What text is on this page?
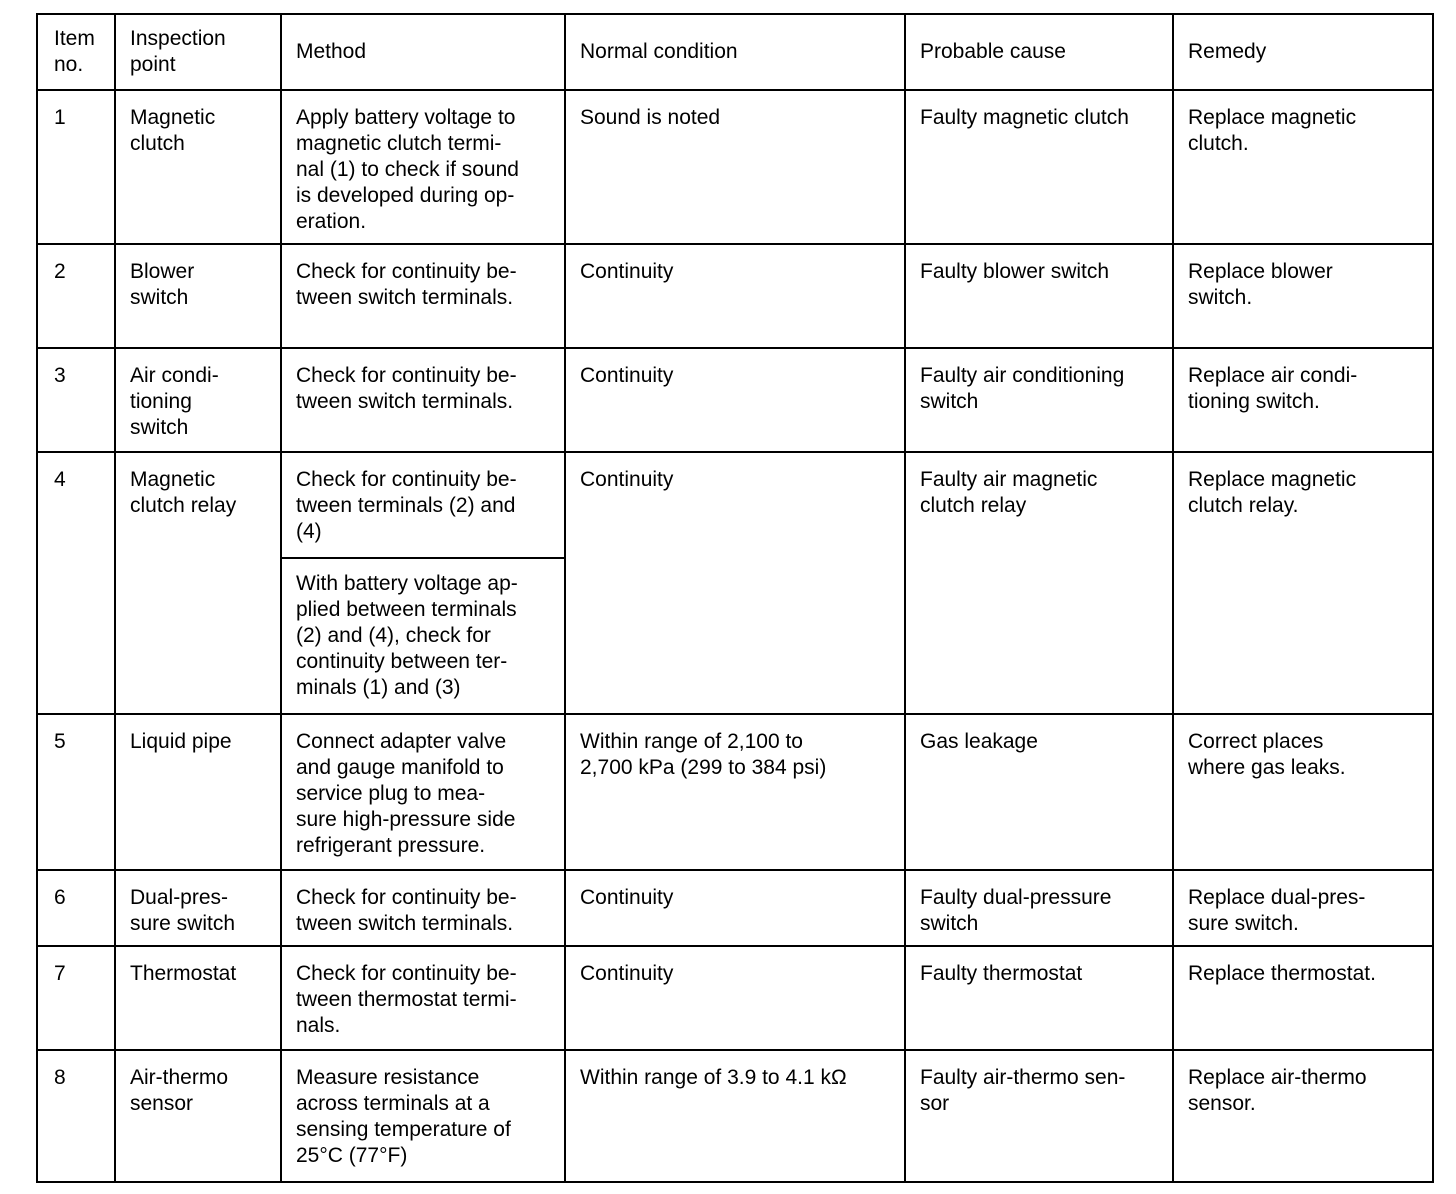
Item
no.	Inspection
point	Method	Normal condition	Probable cause	Remedy
1	Magnetic
clutch	Apply battery voltage to
magnetic clutch termi-
nal (1) to check if sound
is developed during op-
eration.	Sound is noted	Faulty magnetic clutch	Replace magnetic
clutch.
2	Blower
switch	Check for continuity be-
tween switch terminals.	Continuity	Faulty blower switch	Replace blower
switch.
3	Air condi-
tioning
switch	Check for continuity be-
tween switch terminals.	Continuity	Faulty air conditioning
switch	Replace air condi-
tioning switch.
4	Magnetic
clutch relay	Check for continuity be-
tween terminals (2) and
(4)	Continuity	Faulty air magnetic
clutch relay	Replace magnetic
clutch relay.
		With battery voltage ap-
plied between terminals
(2) and (4), check for
continuity between ter-
minals (1) and (3)			
5	Liquid pipe	Connect adapter valve
and gauge manifold to
service plug to mea-
sure high-pressure side
refrigerant pressure.	Within range of 2,100 to
2,700 kPa (299 to 384 psi)	Gas leakage	Correct places
where gas leaks.
6	Dual-pres-
sure switch	Check for continuity be-
tween switch terminals.	Continuity	Faulty dual-pressure
switch	Replace dual-pres-
sure switch.
7	Thermostat	Check for continuity be-
tween thermostat termi-
nals.	Continuity	Faulty thermostat	Replace thermostat.
8	Air-thermo
sensor	Measure resistance
across terminals at a
sensing temperature of
25°C (77°F)	Within range of 3.9 to 4.1 kΩ	Faulty air-thermo sen-
sor	Replace air-thermo
sensor.
